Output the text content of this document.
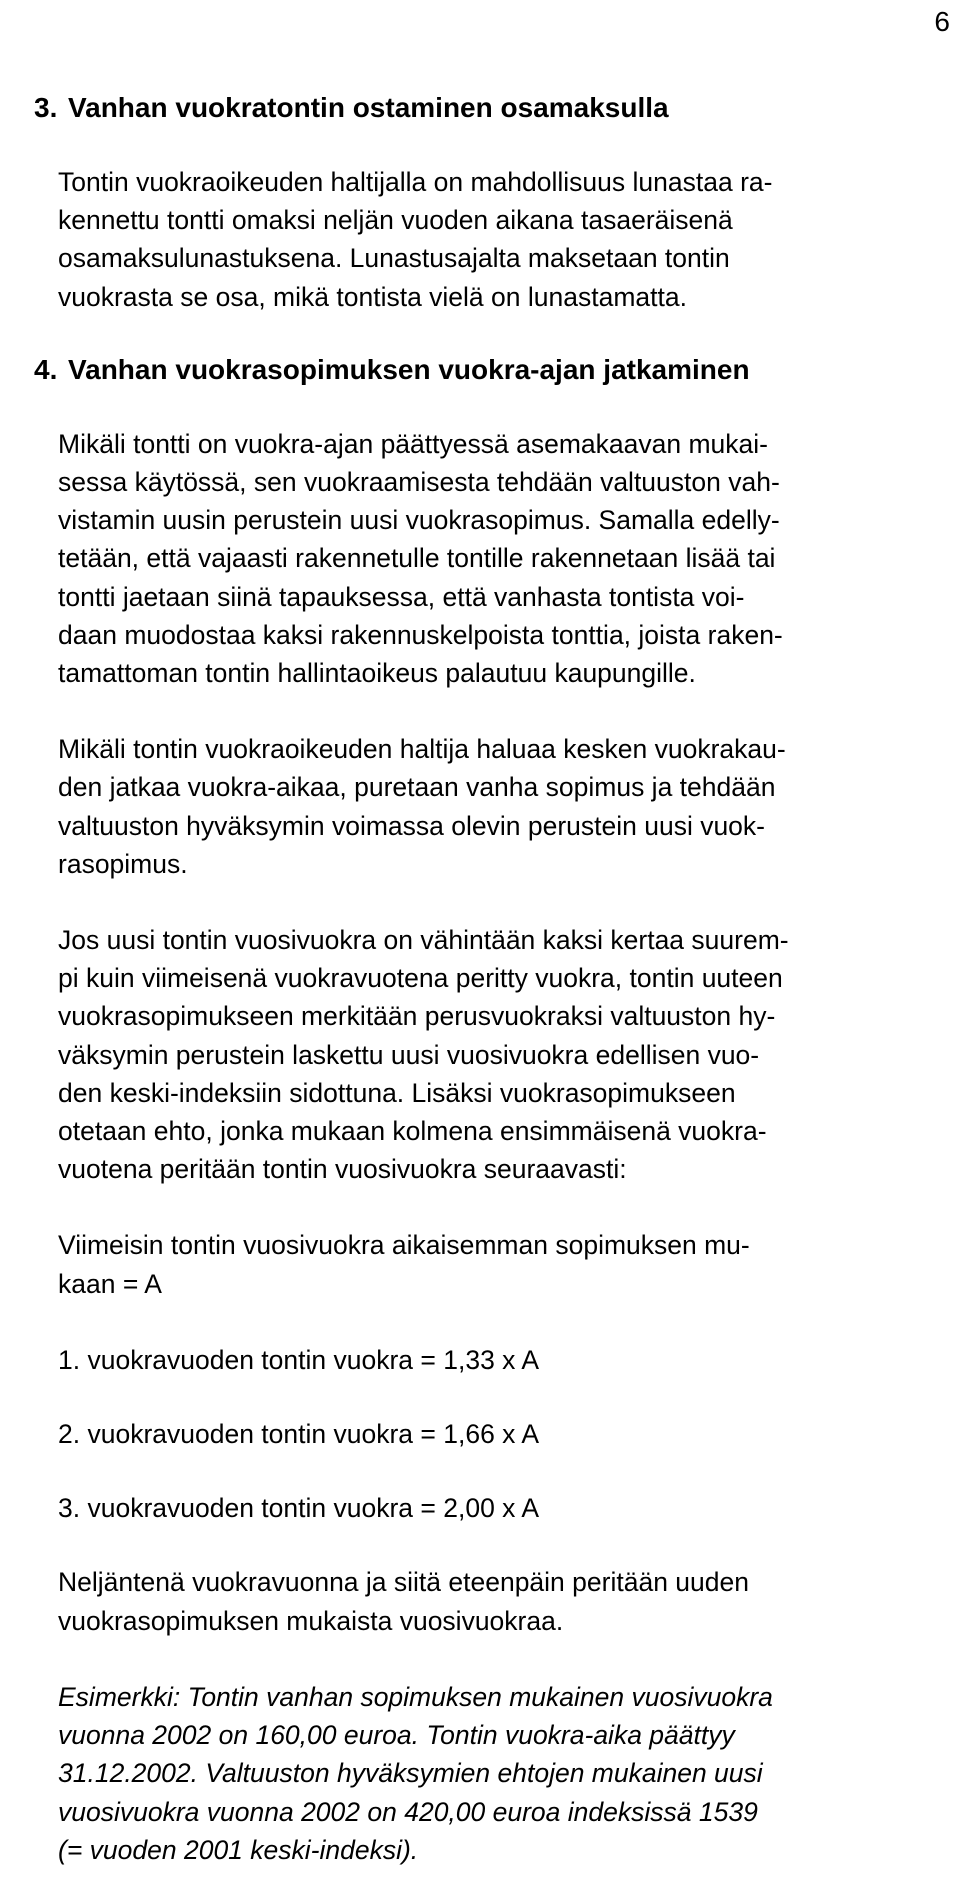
6
3. Vanhan vuokratontin ostaminen osamaksulla

Tontin vuokraoikeuden haltijalla on mahdollisuus lunastaa ra-
kennettu tontti omaksi neljän vuoden aikana tasaeräisenä
osamaksulunastuksena. Lunastusajalta maksetaan tontin
vuokrasta se osa, mikä tontista vielä on lunastamatta.

4. Vanhan vuokrasopimuksen vuokra-ajan jatkaminen

Mikäli tontti on vuokra-ajan päättyessä asemakaavan mukai-
sessa käytössä, sen vuokraamisesta tehdään valtuuston vah-
vistamin uusin perustein uusi vuokrasopimus. Samalla edelly-
tetään, että vajaasti rakennetulle tontille rakennetaan lisää tai
tontti jaetaan siinä tapauksessa, että vanhasta tontista voi-
daan muodostaa kaksi rakennuskelpoista tonttia, joista raken-
tamattoman tontin hallintaoikeus palautuu kaupungille.

Mikäli tontin vuokraoikeuden haltija haluaa kesken vuokrakau-
den jatkaa vuokra-aikaa, puretaan vanha sopimus ja tehdään
valtuuston hyväksymin voimassa olevin perustein uusi vuok-
rasopimus.

Jos uusi tontin vuosivuokra on vähintään kaksi kertaa suurem-
pi kuin viimeisenä vuokravuotena peritty vuokra, tontin uuteen
vuokrasopimukseen merkitään perusvuokraksi valtuuston hy-
väksymin perustein laskettu uusi vuosivuokra edellisen vuo-
den keski-indeksiin sidottuna. Lisäksi vuokrasopimukseen
otetaan ehto, jonka mukaan kolmena ensimmäisenä vuokra-
vuotena peritään tontin vuosivuokra seuraavasti:

Viimeisin tontin vuosivuokra aikaisemman sopimuksen mu-
kaan = A

1. vuokravuoden tontin vuokra = 1,33 x A

2. vuokravuoden tontin vuokra = 1,66 x A

3. vuokravuoden tontin vuokra = 2,00 x A

Neljäntenä vuokravuonna ja siitä eteenpäin peritään uuden
vuokrasopimuksen mukaista vuosivuokraa.

Esimerkki: Tontin vanhan sopimuksen mukainen vuosivuokra
vuonna 2002 on 160,00 euroa. Tontin vuokra-aika päättyy
31.12.2002. Valtuuston hyväksymien ehtojen mukainen uusi
vuosivuokra vuonna 2002 on 420,00 euroa indeksissä 1539
(= vuoden 2001 keski-indeksi).
